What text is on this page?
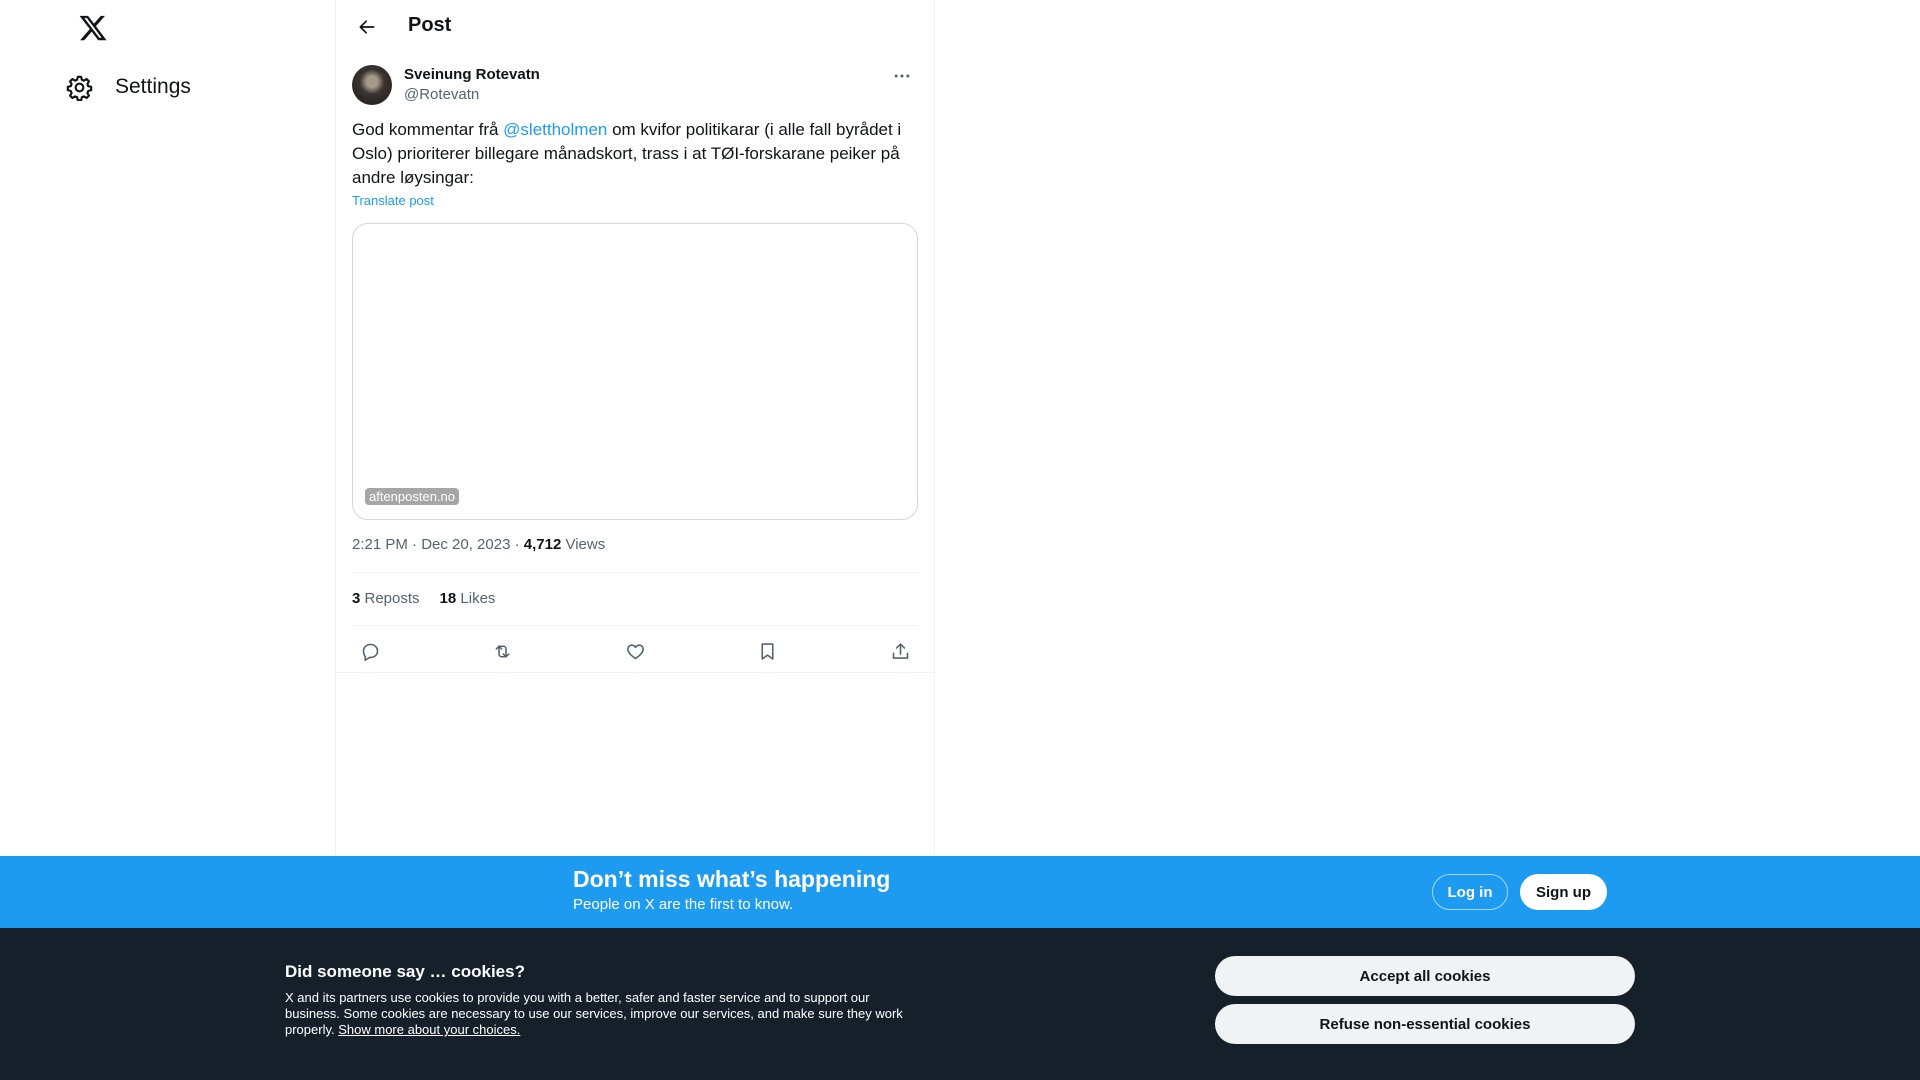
Settings
Post
Sveinung Rotevatn
@Rotevatn
God kommentar frå @slettholmen om kvifor politikarar (i alle fall byrådet i Oslo) prioriterer billegare månadskort, trass i at TØI-forskarane peiker på andre løysingar:
Translate post
aftenposten.no
2:21 PM · Dec 20, 2023 · 4,712 Views
3 Reposts 18 Likes
Don’t miss what’s happening
People on X are the first to know.
Log in	Sign up
Did someone say … cookies?
X and its partners use cookies to provide you with a better, safer and faster service and to support our business. Some cookies are necessary to use our services, improve our services, and make sure they work properly. Show more about your choices.
Accept all cookies
Refuse non-essential cookies
